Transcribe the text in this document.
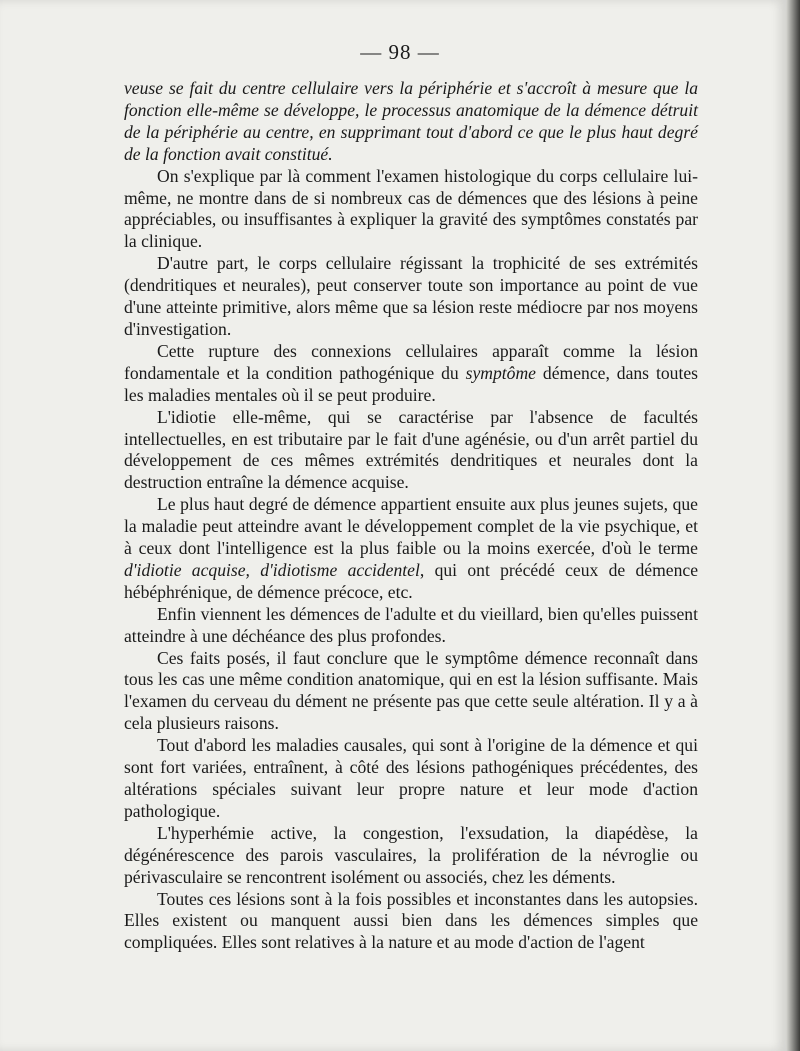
— 98 —

veuse se fait du centre cellulaire vers la périphérie et s'accroît à mesure que la fonction elle-même se développe, le processus anatomique de la démence détruit de la périphérie au centre, en supprimant tout d'abord ce que le plus haut degré de la fonction avait constitué.

On s'explique par là comment l'examen histologique du corps cellulaire lui-même, ne montre dans de si nombreux cas de démences que des lésions à peine appréciables, ou insuffisantes à expliquer la gravité des symptômes constatés par la clinique.

D'autre part, le corps cellulaire régissant la trophicité de ses extrémités (dendritiques et neurales), peut conserver toute son importance au point de vue d'une atteinte primitive, alors même que sa lésion reste médiocre par nos moyens d'investigation.

Cette rupture des connexions cellulaires apparaît comme la lésion fondamentale et la condition pathogénique du symptôme démence, dans toutes les maladies mentales où il se peut produire.

L'idiotie elle-même, qui se caractérise par l'absence de facultés intellectuelles, en est tributaire par le fait d'une agénésie, ou d'un arrêt partiel du développement de ces mêmes extrémités dendritiques et neurales dont la destruction entraîne la démence acquise.

Le plus haut degré de démence appartient ensuite aux plus jeunes sujets, que la maladie peut atteindre avant le développement complet de la vie psychique, et à ceux dont l'intelligence est la plus faible ou la moins exercée, d'où le terme d'idiotie acquise, d'idiotisme accidentel, qui ont précédé ceux de démence hébéphrénique, de démence précoce, etc.

Enfin viennent les démences de l'adulte et du vieillard, bien qu'elles puissent atteindre à une déchéance des plus profondes.

Ces faits posés, il faut conclure que le symptôme démence reconnaît dans tous les cas une même condition anatomique, qui en est la lésion suffisante. Mais l'examen du cerveau du dément ne présente pas que cette seule altération. Il y a à cela plusieurs raisons.

Tout d'abord les maladies causales, qui sont à l'origine de la démence et qui sont fort variées, entraînent, à côté des lésions pathogéniques précédentes, des altérations spéciales suivant leur propre nature et leur mode d'action pathologique.

L'hyperhémie active, la congestion, l'exsudation, la diapédèse, la dégénérescence des parois vasculaires, la prolifération de la névroglie ou périvasculaire se rencontrent isolément ou associés, chez les déments.

Toutes ces lésions sont à la fois possibles et inconstantes dans les autopsies. Elles existent ou manquent aussi bien dans les démences simples que compliquées. Elles sont relatives à la nature et au mode d'action de l'agent
